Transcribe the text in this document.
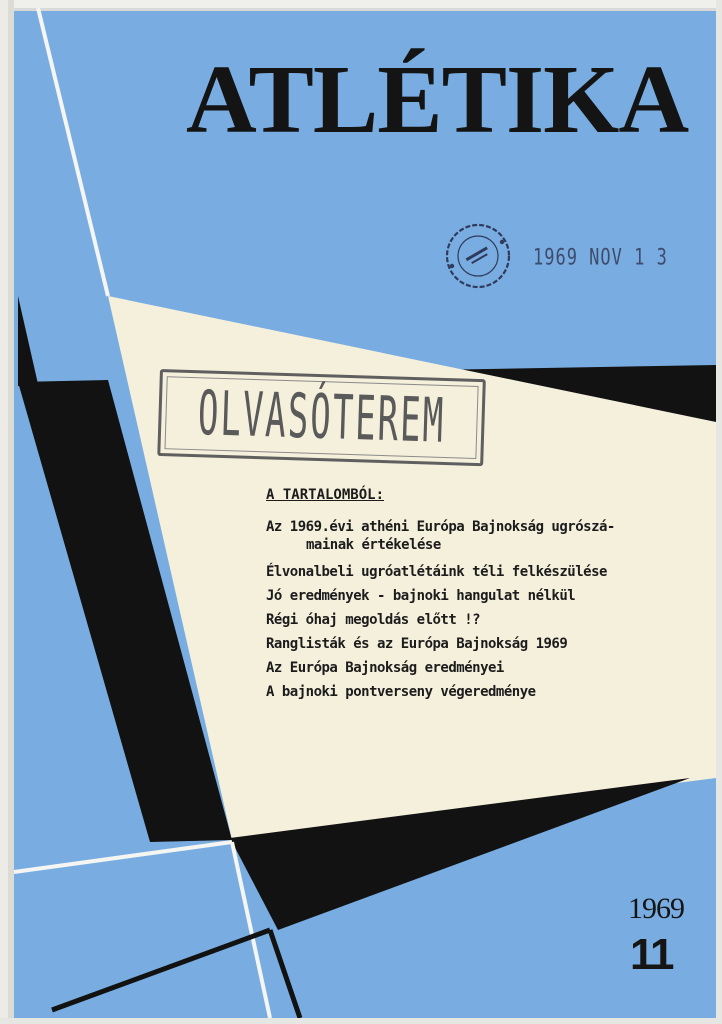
ATLÉTIKA
1969 NOV 1 3
OLVASÓTEREM
A TARTALOMBÓL:
Az 1969.évi athéni Európa Bajnokság ugrószá-
mainak értékelése
Élvonalbeli ugróatlétáink téli felkészülése
Jó eredmények - bajnoki hangulat nélkül
Régi óhaj megoldás előtt !?
Ranglisták és az Európa Bajnokság 1969
Az Európa Bajnokság eredményei
A bajnoki pontverseny végeredménye
1969
11
